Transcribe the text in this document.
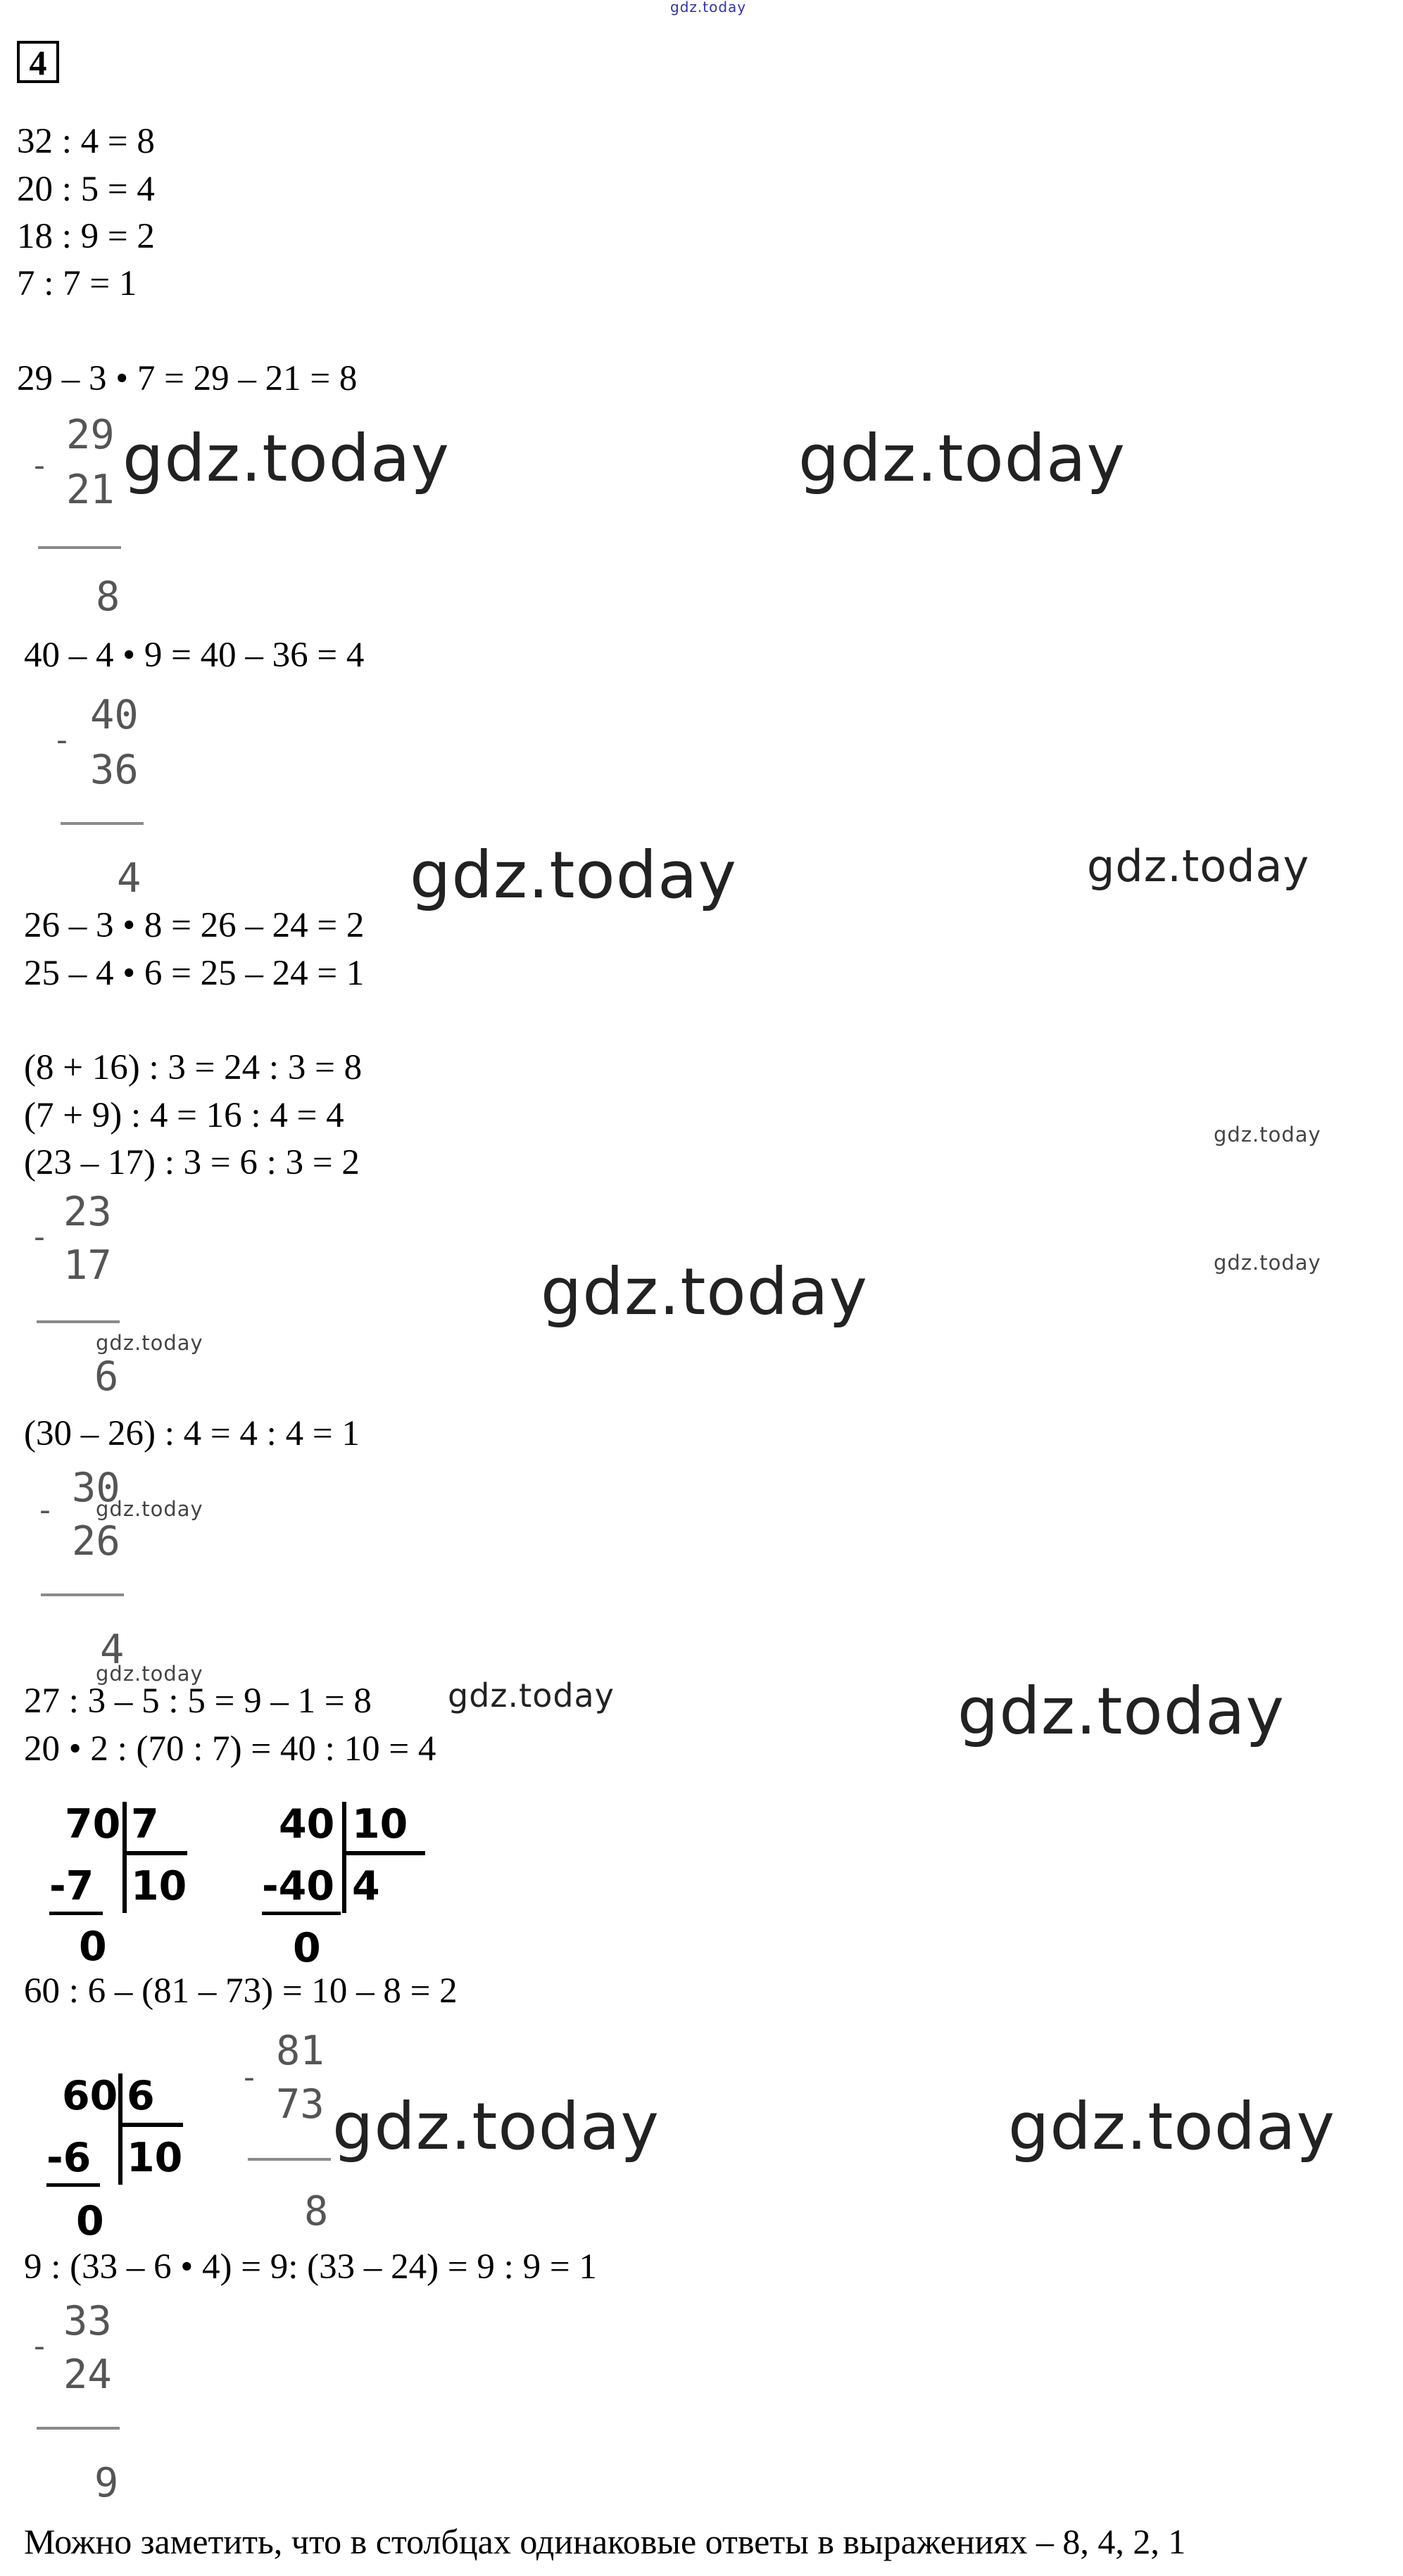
gdz.today
4
32 : 4 = 8
20 : 5 = 4
18 : 9 = 2
7 : 7 = 1
29 – 3 • 7 = 29 – 21 = 8
-
29
21
8
gdz.today	gdz.today
40 – 4 • 9 = 40 – 36 = 4
-
40
36
4	gdz.today	gdz.today
26 – 3 • 8 = 26 – 24 = 2
25 – 4 • 6 = 25 – 24 = 1
(8 + 16) : 3 = 24 : 3 = 8
(7 + 9) : 4 = 16 : 4 = 4	gdz.today
(23 – 17) : 3 = 6 : 3 = 2
-
23
17
6
gdz.today
gdz.today
gdz.today
(30 – 26) : 4 = 4 : 4 = 1
- 30
26
4
gdz.today
gdz.today
27 : 3 – 5 : 5 = 9 – 1 = 8 gdz.today	gdz.today
20 • 2 : (70 : 7) = 40 : 10 = 4
70 7
-7 10
0
40 10
-40 4
0
60 : 6 – (81 – 73) = 10 – 8 = 2
60 6
-6 10
0
-
81
73
8
gdz.today	gdz.today
9 : (33 – 6 • 4) = 9: (33 – 24) = 9 : 9 = 1
-
33
24
9
Можно заметить, что в столбцах одинаковые ответы в выражениях – 8, 4, 2, 1
